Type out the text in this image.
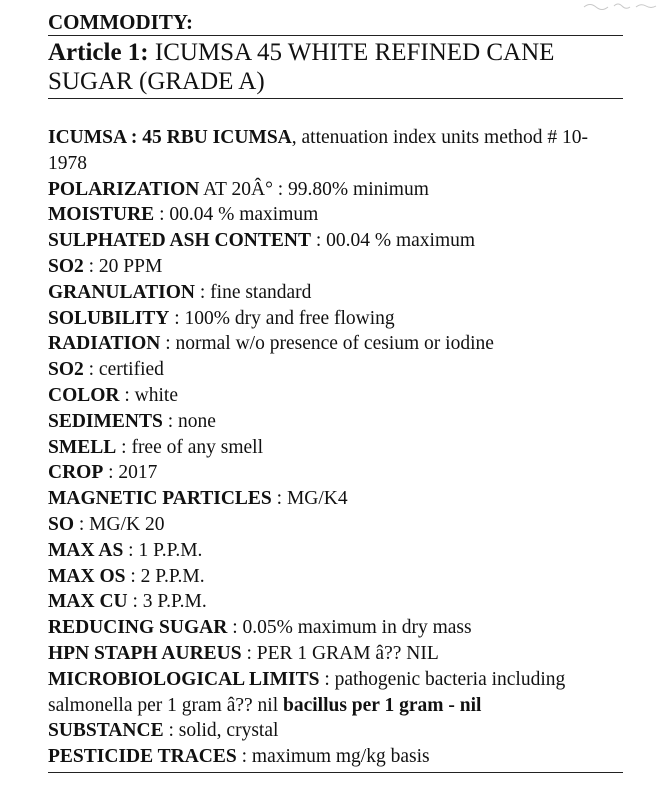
COMMODITY:
Article 1: ICUMSA 45 WHITE REFINED CANE SUGAR (GRADE A)
ICUMSA : 45 RBU ICUMSA, attenuation index units method # 10-1978
POLARIZATION AT 20Â° : 99.80% minimum
MOISTURE : 00.04 % maximum
SULPHATED ASH CONTENT : 00.04 % maximum
SO2 : 20 PPM
GRANULATION : fine standard
SOLUBILITY : 100% dry and free flowing
RADIATION : normal w/o presence of cesium or iodine
SO2 : certified
COLOR : white
SEDIMENTS : none
SMELL : free of any smell
CROP : 2017
MAGNETIC PARTICLES : MG/K4
SO : MG/K 20
MAX AS : 1 P.P.M.
MAX OS : 2 P.P.M.
MAX CU : 3 P.P.M.
REDUCING SUGAR : 0.05% maximum in dry mass
HPN STAPH AUREUS : PER 1 GRAM â?? NIL
MICROBIOLOGICAL LIMITS : pathogenic bacteria including salmonella per 1 gram â?? nil bacillus per 1 gram - nil
SUBSTANCE : solid, crystal
PESTICIDE TRACES : maximum mg/kg basis
